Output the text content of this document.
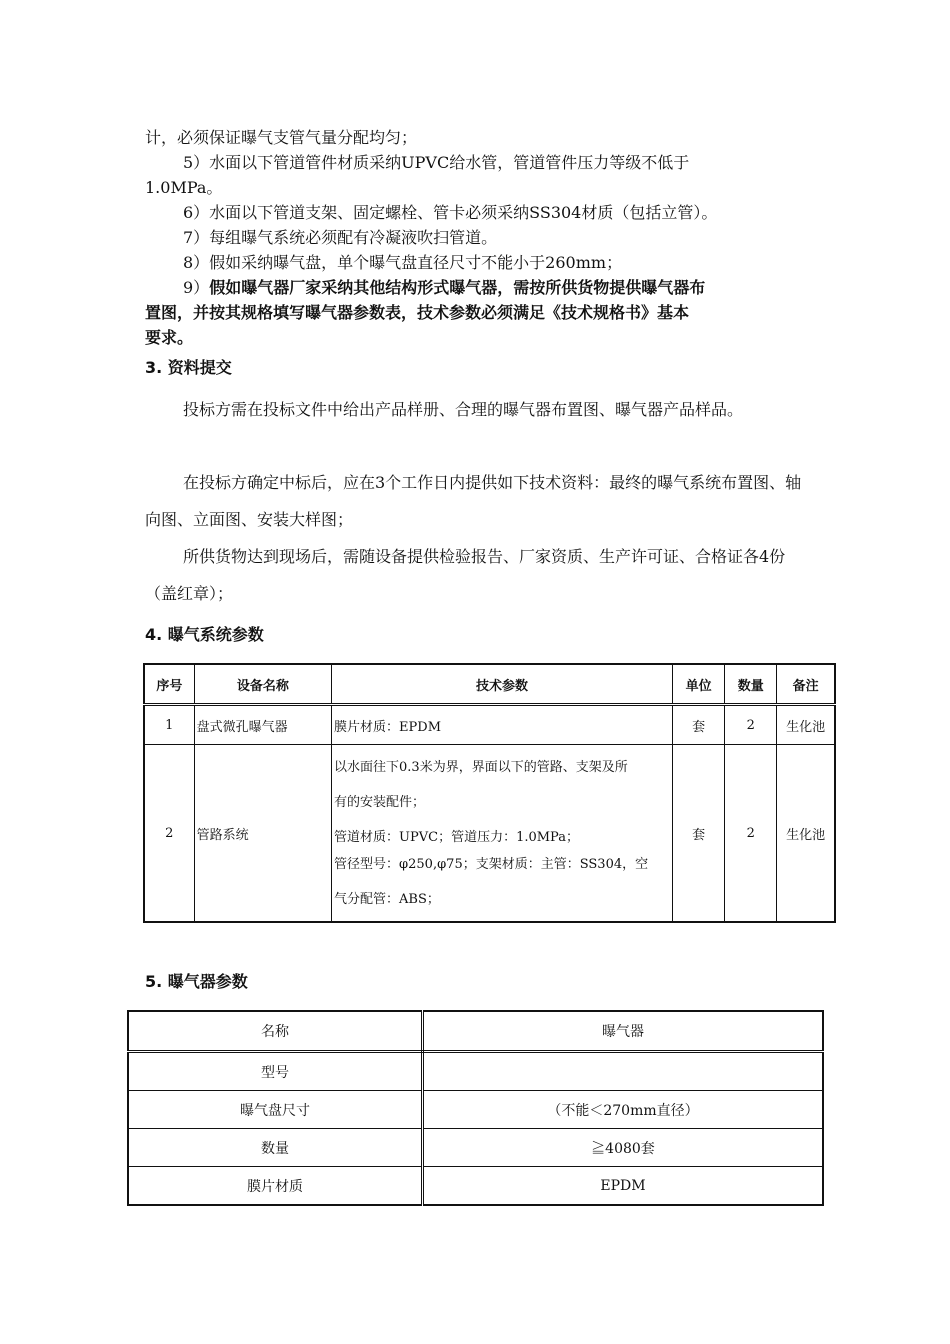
计，必须保证曝气支管气量分配均匀；
5）水面以下管道管件材质采纳UPVC给水管，管道管件压力等级不低于
1.0MPa。
6）水面以下管道支架、固定螺栓、管卡必须采纳SS304材质（包括立管）。
7）每组曝气系统必须配有冷凝液吹扫管道。
8）假如采纳曝气盘，单个曝气盘直径尺寸不能小于260mm；
9）假如曝气器厂家采纳其他结构形式曝气器，需按所供货物提供曝气器布
置图，并按其规格填写曝气器参数表，技术参数必须满足《技术规格书》基本
要求。
3. 资料提交
投标方需在投标文件中给出产品样册、合理的曝气器布置图、曝气器产品样品。
在投标方确定中标后，应在3个工作日内提供如下技术资料：最终的曝气系统布置图、轴向图、立面图、安装大样图；
所供货物达到现场后，需随设备提供检验报告、厂家资质、生产许可证、合格证各4份（盖红章）；
4. 曝气系统参数
序号	设备名称	技术参数	单位	数量	备注
1	盘式微孔曝气器	膜片材质：EPDM	套	2	生化池
2	管路系统	以水面往下0.3米为界，界面以下的管路、支架及所
有的安装配件；
管道材质：UPVC；管道压力：1.0MPa；
管径型号：φ250,φ75；支架材质：主管：SS304，空
气分配管：ABS；	套	2	生化池
5. 曝气器参数
名称	曝气器
型号	
曝气盘尺寸	（不能＜270mm直径）
数量	≧4080套
膜片材质	EPDM
